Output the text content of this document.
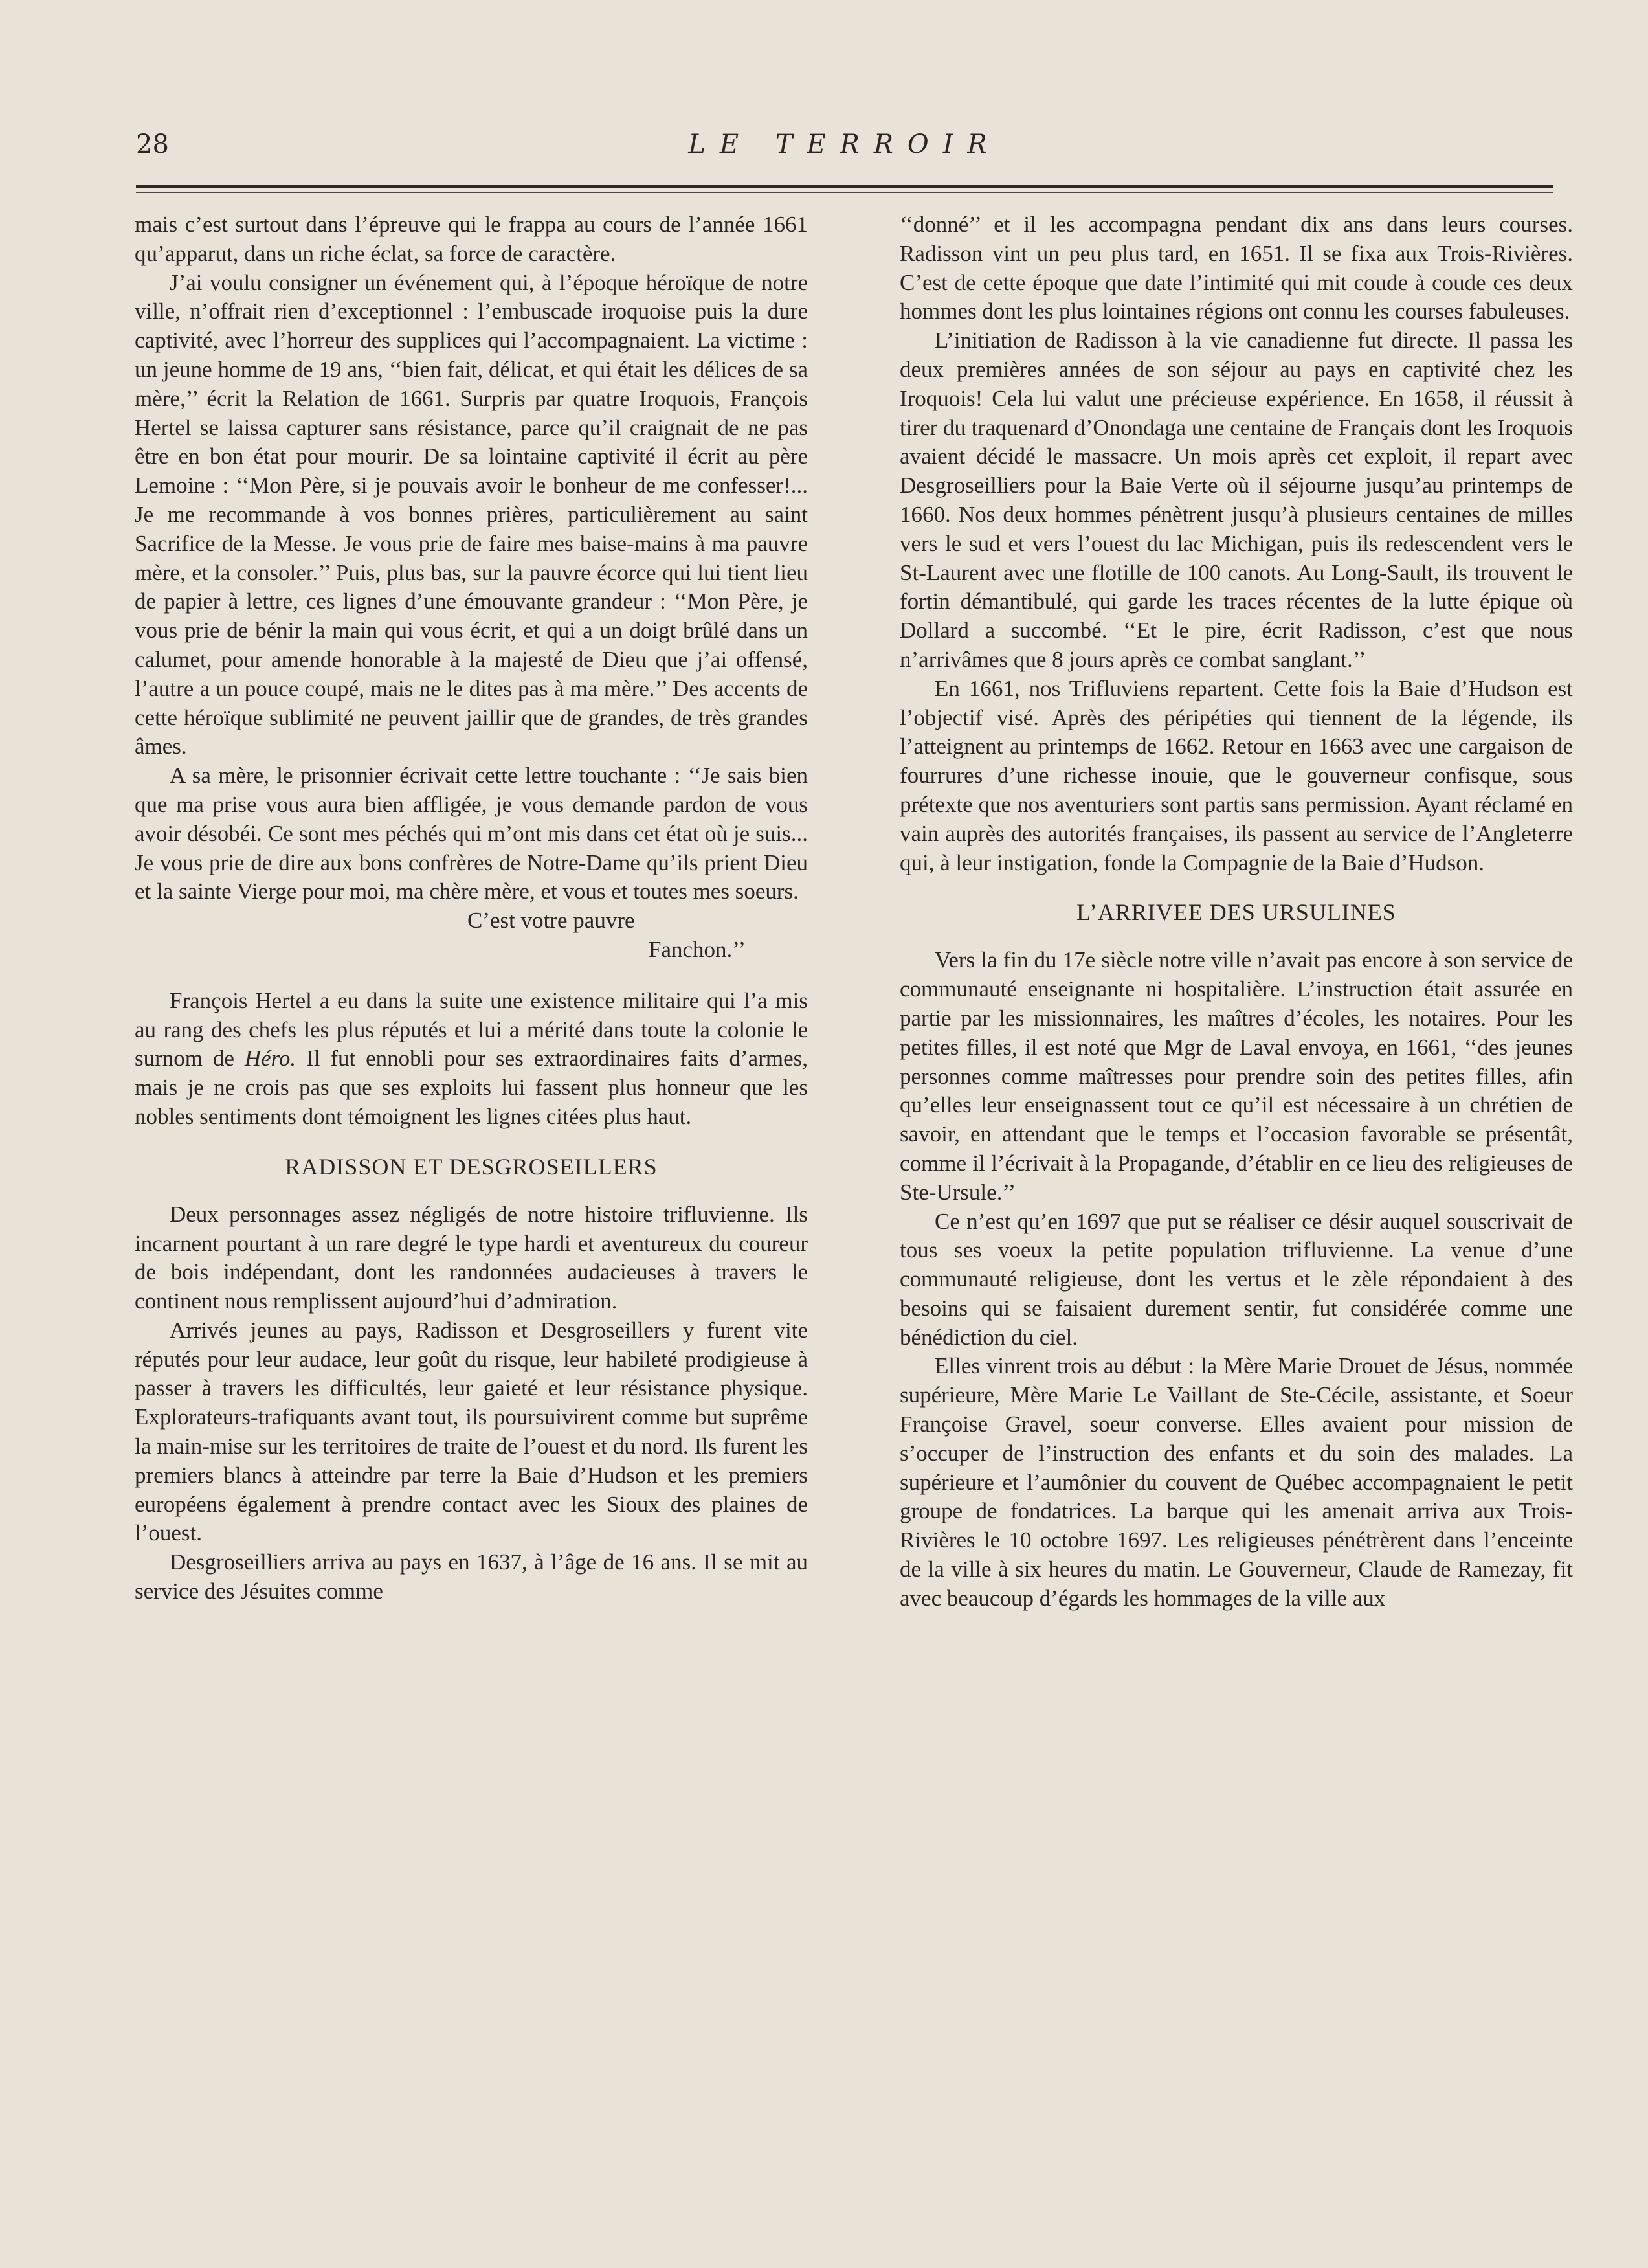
28	LE TERROIR

mais c’est surtout dans l’épreuve qui le frappa au cours de l’année 1661 qu’apparut, dans un riche éclat, sa force de caractère.

J’ai voulu consigner un événement qui, à l’époque héroïque de notre ville, n’offrait rien d’exceptionnel : l’embuscade iroquoise puis la dure captivité, avec l’horreur des supplices qui l’accompagnaient. La victime : un jeune homme de 19 ans, ‘‘bien fait, délicat, et qui était les délices de sa mère,’’ écrit la Relation de 1661. Surpris par quatre Iroquois, François Hertel se laissa capturer sans résistance, parce qu’il craignait de ne pas être en bon état pour mourir. De sa lointaine captivité il écrit au père Lemoine : ‘‘Mon Père, si je pouvais avoir le bonheur de me confesser!... Je me recommande à vos bonnes prières, particulièrement au saint Sacrifice de la Messe. Je vous prie de faire mes baise-mains à ma pauvre mère, et la consoler.’’ Puis, plus bas, sur la pauvre écorce qui lui tient lieu de papier à lettre, ces lignes d’une émouvante grandeur : ‘‘Mon Père, je vous prie de bénir la main qui vous écrit, et qui a un doigt brûlé dans un calumet, pour amende honorable à la majesté de Dieu que j’ai offensé, l’autre a un pouce coupé, mais ne le dites pas à ma mère.’’ Des accents de cette héroïque sublimité ne peuvent jaillir que de grandes, de très grandes âmes.

A sa mère, le prisonnier écrivait cette lettre touchante : ‘‘Je sais bien que ma prise vous aura bien affligée, je vous demande pardon de vous avoir désobéi. Ce sont mes péchés qui m’ont mis dans cet état où je suis... Je vous prie de dire aux bons confrères de Notre-Dame qu’ils prient Dieu et la sainte Vierge pour moi, ma chère mère, et vous et toutes mes soeurs.

C’est votre pauvre

Fanchon.’’

François Hertel a eu dans la suite une existence militaire qui l’a mis au rang des chefs les plus réputés et lui a mérité dans toute la colonie le surnom de Héro. Il fut ennobli pour ses extraordinaires faits d’armes, mais je ne crois pas que ses exploits lui fassent plus honneur que les nobles sentiments dont témoignent les lignes citées plus haut.

RADISSON ET DESGROSEILLERS

Deux personnages assez négligés de notre histoire trifluvienne. Ils incarnent pourtant à un rare degré le type hardi et aventureux du coureur de bois indépendant, dont les randonnées audacieuses à travers le continent nous remplissent aujourd’hui d’admiration.

Arrivés jeunes au pays, Radisson et Desgroseillers y furent vite réputés pour leur audace, leur goût du risque, leur habileté prodigieuse à passer à travers les difficultés, leur gaieté et leur résistance physique. Explorateurs-trafiquants avant tout, ils poursuivirent comme but suprême la main-mise sur les territoires de traite de l’ouest et du nord. Ils furent les premiers blancs à atteindre par terre la Baie d’Hudson et les premiers européens également à prendre contact avec les Sioux des plaines de l’ouest.

Desgroseilliers arriva au pays en 1637, à l’âge de 16 ans. Il se mit au service des Jésuites comme

‘‘donné’’ et il les accompagna pendant dix ans dans leurs courses. Radisson vint un peu plus tard, en 1651. Il se fixa aux Trois-Rivières. C’est de cette époque que date l’intimité qui mit coude à coude ces deux hommes dont les plus lointaines régions ont connu les courses fabuleuses.

L’initiation de Radisson à la vie canadienne fut directe. Il passa les deux premières années de son séjour au pays en captivité chez les Iroquois! Cela lui valut une précieuse expérience. En 1658, il réussit à tirer du traquenard d’Onondaga une centaine de Français dont les Iroquois avaient décidé le massacre. Un mois après cet exploit, il repart avec Desgroseilliers pour la Baie Verte où il séjourne jusqu’au printemps de 1660. Nos deux hommes pénètrent jusqu’à plusieurs centaines de milles vers le sud et vers l’ouest du lac Michigan, puis ils redescendent vers le St-Laurent avec une flotille de 100 canots. Au Long-Sault, ils trouvent le fortin démantibulé, qui garde les traces récentes de la lutte épique où Dollard a succombé. ‘‘Et le pire, écrit Radisson, c’est que nous n’arrivâmes que 8 jours après ce combat sanglant.’’

En 1661, nos Trifluviens repartent. Cette fois la Baie d’Hudson est l’objectif visé. Après des péripéties qui tiennent de la légende, ils l’atteignent au printemps de 1662. Retour en 1663 avec une cargaison de fourrures d’une richesse inouie, que le gouverneur confisque, sous prétexte que nos aventuriers sont partis sans permission. Ayant réclamé en vain auprès des autorités françaises, ils passent au service de l’Angleterre qui, à leur instigation, fonde la Compagnie de la Baie d’Hudson.

L’ARRIVEE DES URSULINES

Vers la fin du 17e siècle notre ville n’avait pas encore à son service de communauté enseignante ni hospitalière. L’instruction était assurée en partie par les missionnaires, les maîtres d’écoles, les notaires. Pour les petites filles, il est noté que Mgr de Laval envoya, en 1661, ‘‘des jeunes personnes comme maîtresses pour prendre soin des petites filles, afin qu’elles leur enseignassent tout ce qu’il est nécessaire à un chrétien de savoir, en attendant que le temps et l’occasion favorable se présentât, comme il l’écrivait à la Propagande, d’établir en ce lieu des religieuses de Ste-Ursule.’’

Ce n’est qu’en 1697 que put se réaliser ce désir auquel souscrivait de tous ses voeux la petite population trifluvienne. La venue d’une communauté religieuse, dont les vertus et le zèle répondaient à des besoins qui se faisaient durement sentir, fut considérée comme une bénédiction du ciel.

Elles vinrent trois au début : la Mère Marie Drouet de Jésus, nommée supérieure, Mère Marie Le Vaillant de Ste-Cécile, assistante, et Soeur Françoise Gravel, soeur converse. Elles avaient pour mission de s’occuper de l’instruction des enfants et du soin des malades. La supérieure et l’aumônier du couvent de Québec accompagnaient le petit groupe de fondatrices. La barque qui les amenait arriva aux Trois-Rivières le 10 octobre 1697. Les religieuses pénétrèrent dans l’enceinte de la ville à six heures du matin. Le Gouverneur, Claude de Ramezay, fit avec beaucoup d’égards les hommages de la ville aux
